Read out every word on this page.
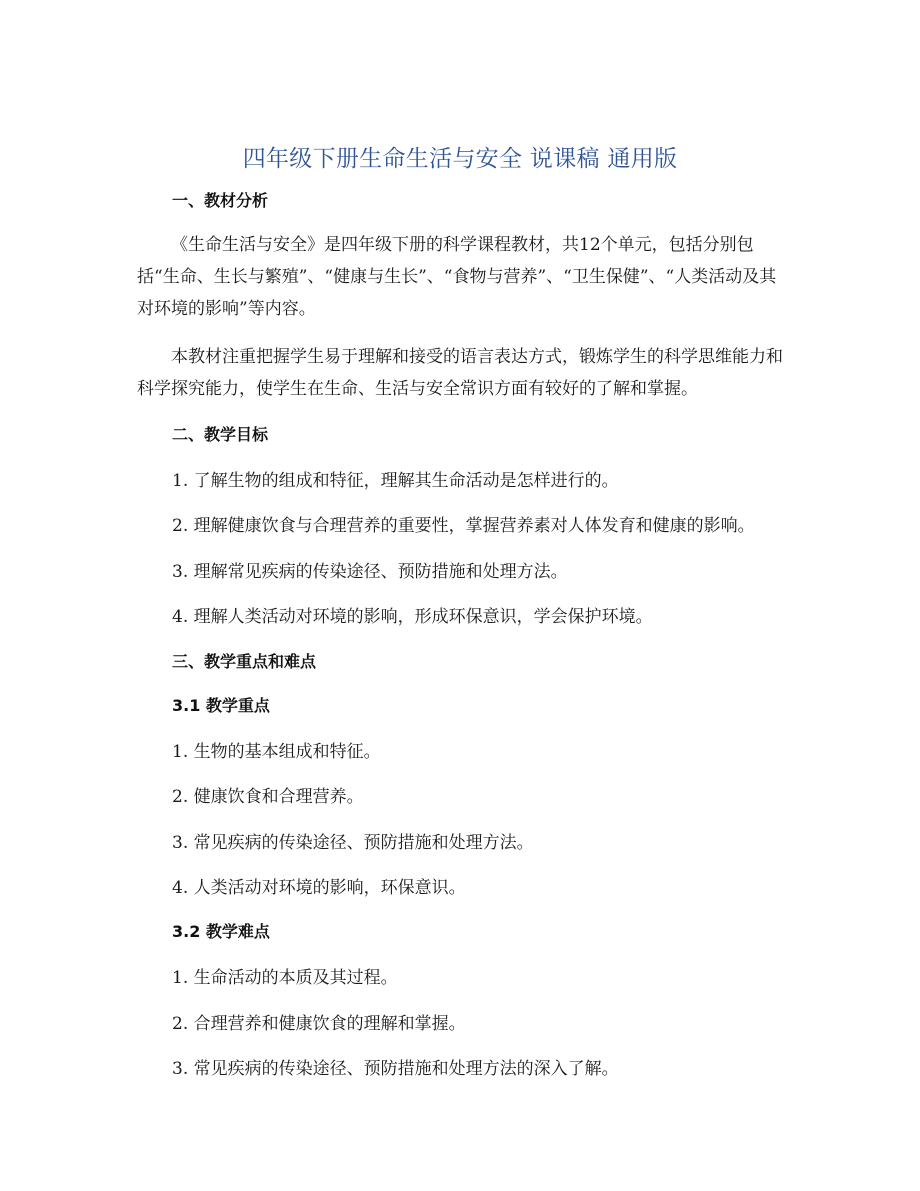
四年级下册生命生活与安全 说课稿 通用版
一、教材分析
《生命生活与安全》是四年级下册的科学课程教材，共12个单元，包括分别包括“生命、生长与繁殖”、“健康与生长”、“食物与营养”、“卫生保健”、“人类活动及其对环境的影响”等内容。
本教材注重把握学生易于理解和接受的语言表达方式，锻炼学生的科学思维能力和科学探究能力，使学生在生命、生活与安全常识方面有较好的了解和掌握。
二、教学目标
1. 了解生物的组成和特征，理解其生命活动是怎样进行的。
2. 理解健康饮食与合理营养的重要性，掌握营养素对人体发育和健康的影响。
3. 理解常见疾病的传染途径、预防措施和处理方法。
4. 理解人类活动对环境的影响，形成环保意识，学会保护环境。
三、教学重点和难点
3.1 教学重点
1. 生物的基本组成和特征。
2. 健康饮食和合理营养。
3. 常见疾病的传染途径、预防措施和处理方法。
4. 人类活动对环境的影响，环保意识。
3.2 教学难点
1. 生命活动的本质及其过程。
2. 合理营养和健康饮食的理解和掌握。
3. 常见疾病的传染途径、预防措施和处理方法的深入了解。
